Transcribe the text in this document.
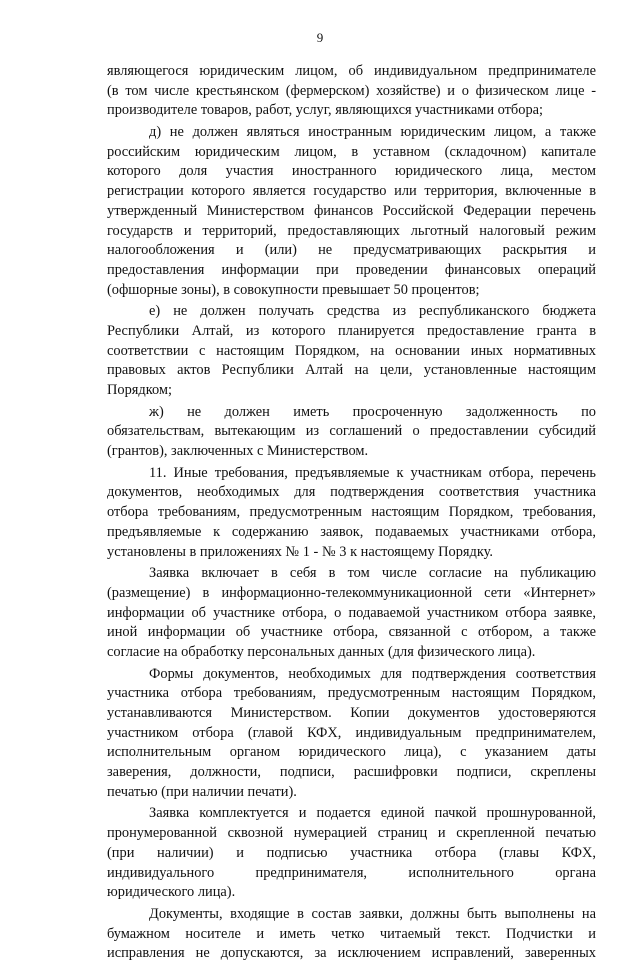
9
являющегося юридическим лицом, об индивидуальном предпринимателе
(в том числе крестьянском (фермерском) хозяйстве) и о физическом лице -
производителе товаров, работ, услуг, являющихся участниками отбора;
д) не должен являться иностранным юридическим лицом, а также
российским юридическим лицом, в уставном (складочном) капитале
которого доля участия иностранного юридического лица, местом
регистрации которого является государство или территория, включенные в
утвержденный Министерством финансов Российской Федерации перечень
государств и территорий, предоставляющих льготный налоговый режим
налогообложения и (или) не предусматривающих раскрытия и
предоставления информации при проведении финансовых операций
(офшорные зоны), в совокупности превышает 50 процентов;
е) не должен получать средства из республиканского бюджета
Республики Алтай, из которого планируется предоставление гранта в
соответствии с настоящим Порядком, на основании иных нормативных
правовых актов Республики Алтай на цели, установленные настоящим
Порядком;
ж) не должен иметь просроченную задолженность по
обязательствам, вытекающим из соглашений о предоставлении субсидий
(грантов), заключенных с Министерством.
11. Иные требования, предъявляемые к участникам отбора, перечень
документов, необходимых для подтверждения соответствия участника
отбора требованиям, предусмотренным настоящим Порядком, требования,
предъявляемые к содержанию заявок, подаваемых участниками отбора,
установлены в приложениях № 1 - № 3 к настоящему Порядку.
Заявка включает в себя в том числе согласие на публикацию
(размещение) в информационно-телекоммуникационной сети «Интернет»
информации об участнике отбора, о подаваемой участником отбора заявке,
иной информации об участнике отбора, связанной с отбором, а также
согласие на обработку персональных данных (для физического лица).
Формы документов, необходимых для подтверждения соответствия
участника отбора требованиям, предусмотренным настоящим Порядком,
устанавливаются Министерством. Копии документов удостоверяются
участником отбора (главой КФХ, индивидуальным предпринимателем,
исполнительным органом юридического лица), с указанием даты
заверения, должности, подписи, расшифровки подписи, скреплены
печатью (при наличии печати).
Заявка комплектуется и подается единой пачкой прошнурованной,
пронумерованной сквозной нумерацией страниц и скрепленной печатью
(при наличии) и подписью участника отбора (главы КФХ,
индивидуального предпринимателя, исполнительного органа
юридического лица).
Документы, входящие в состав заявки, должны быть выполнены на
бумажном носителе и иметь четко читаемый текст. Подчистки и
исправления не допускаются, за исключением исправлений, заверенных
